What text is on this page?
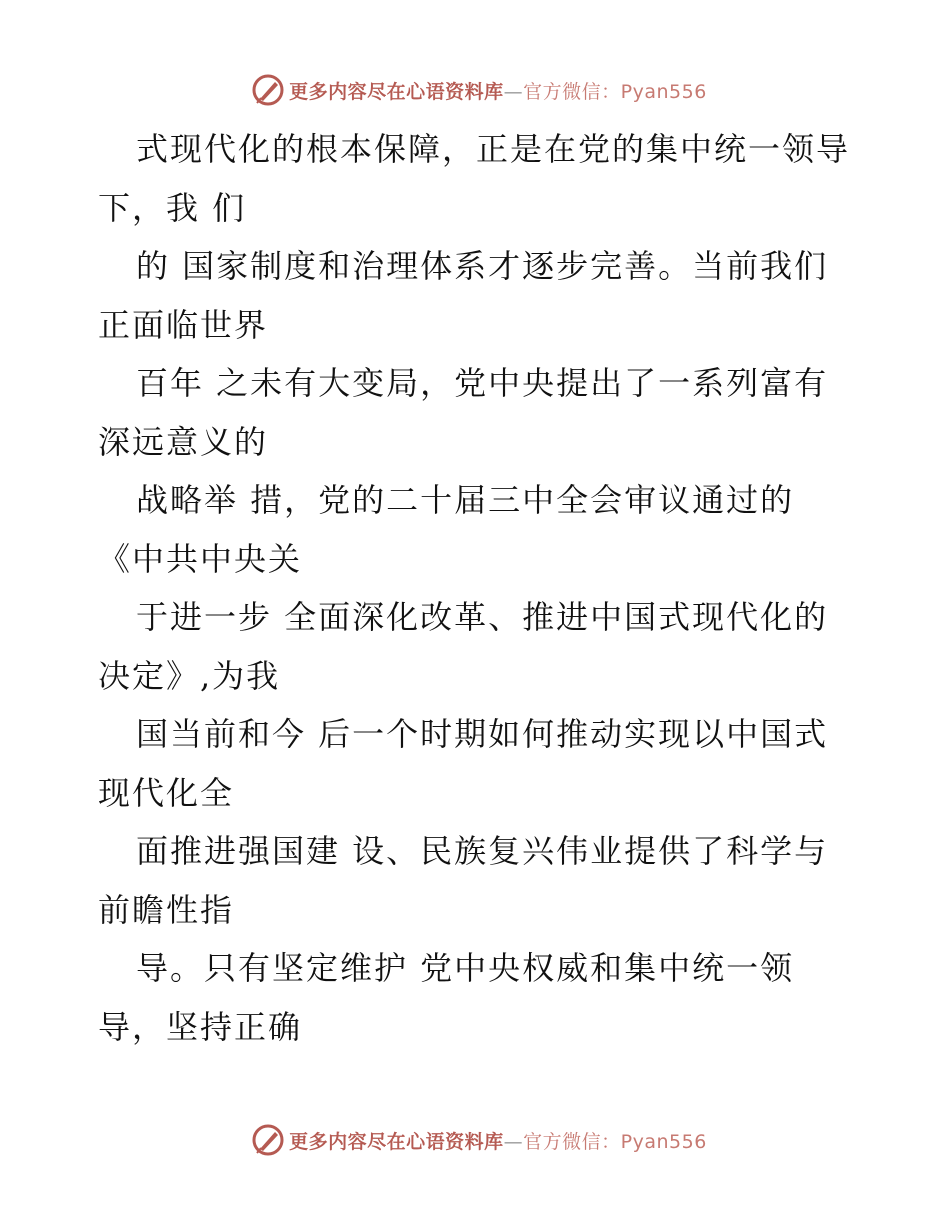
更多内容尽在心语资料库—官方微信：Pyan556
式现代化的根本保障，正是在党的集中统一领导
下，我 们
的 国家制度和治理体系才逐步完善。当前我们
正面临世界
百年 之未有大变局，党中央提出了一系列富有
深远意义的
战略举 措，党的二十届三中全会审议通过的
《中共中央关
于进一步 全面深化改革、推进中国式现代化的
决定》,为我
国当前和今 后一个时期如何推动实现以中国式
现代化全
面推进强国建 设、民族复兴伟业提供了科学与
前瞻性指
导。只有坚定维护 党中央权威和集中统一领
导，坚持正确
更多内容尽在心语资料库—官方微信：Pyan556
